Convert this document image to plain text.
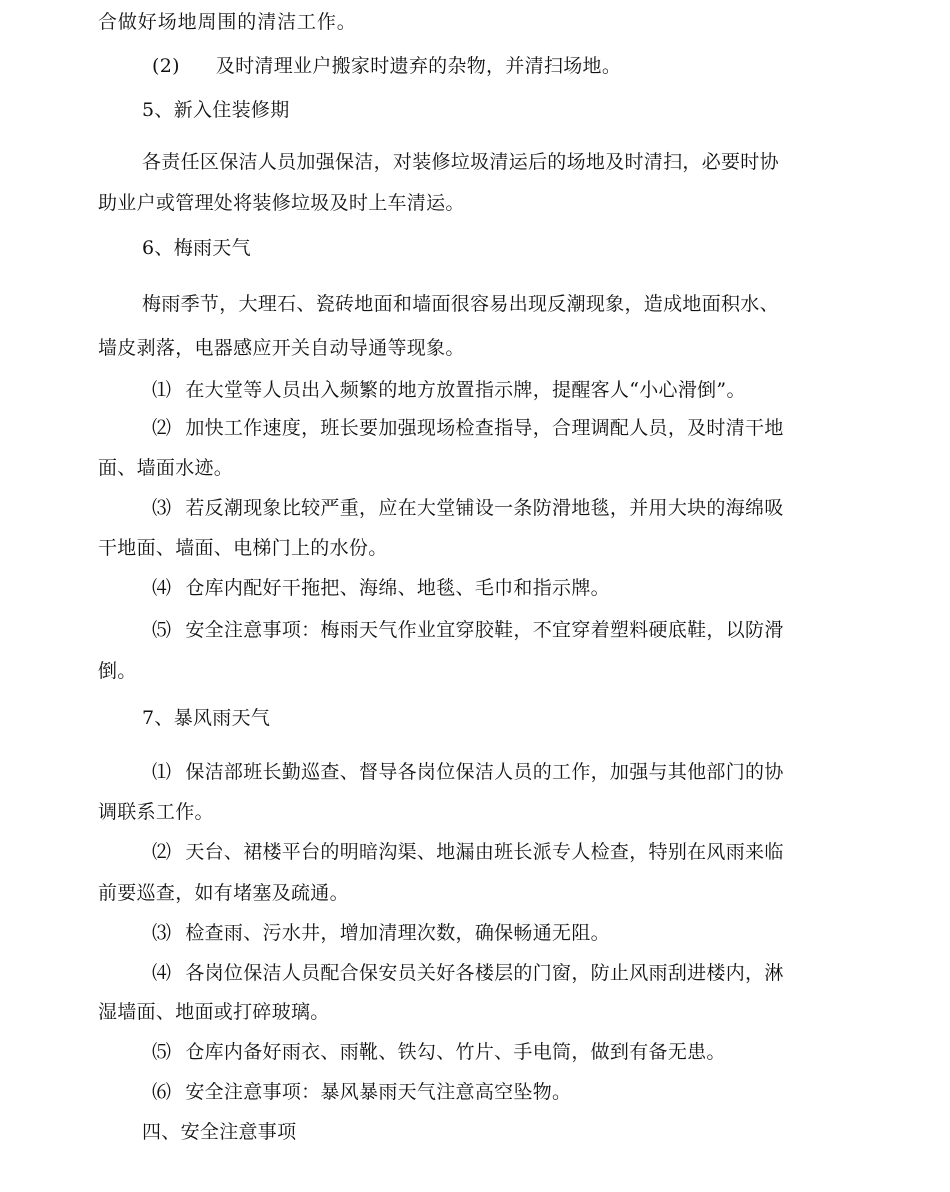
合做好场地周围的清洁工作。
(2) 及时清理业户搬家时遗弃的杂物，并清扫场地。
5、新入住装修期
各责任区保洁人员加强保洁，对装修垃圾清运后的场地及时清扫，必要时协
助业户或管理处将装修垃圾及时上车清运。
6、梅雨天气
梅雨季节，大理石、瓷砖地面和墙面很容易出现反潮现象，造成地面积水、
墙皮剥落，电器感应开关自动导通等现象。
⑴ 在大堂等人员出入频繁的地方放置指示牌，提醒客人“小心滑倒”。
⑵ 加快工作速度，班长要加强现场检查指导，合理调配人员，及时清干地
面、墙面水迹。
⑶ 若反潮现象比较严重，应在大堂铺设一条防滑地毯，并用大块的海绵吸
干地面、墙面、电梯门上的水份。
⑷ 仓库内配好干拖把、海绵、地毯、毛巾和指示牌。
⑸ 安全注意事项：梅雨天气作业宜穿胶鞋，不宜穿着塑料硬底鞋，以防滑
倒。
7、暴风雨天气
⑴ 保洁部班长勤巡查、督导各岗位保洁人员的工作，加强与其他部门的协
调联系工作。
⑵ 天台、裙楼平台的明暗沟渠、地漏由班长派专人检查，特别在风雨来临
前要巡查，如有堵塞及疏通。
⑶ 检查雨、污水井，增加清理次数，确保畅通无阻。
⑷ 各岗位保洁人员配合保安员关好各楼层的门窗，防止风雨刮进楼内，淋
湿墙面、地面或打碎玻璃。
⑸ 仓库内备好雨衣、雨靴、铁勾、竹片、手电筒，做到有备无患。
⑹ 安全注意事项：暴风暴雨天气注意高空坠物。
四、安全注意事项
